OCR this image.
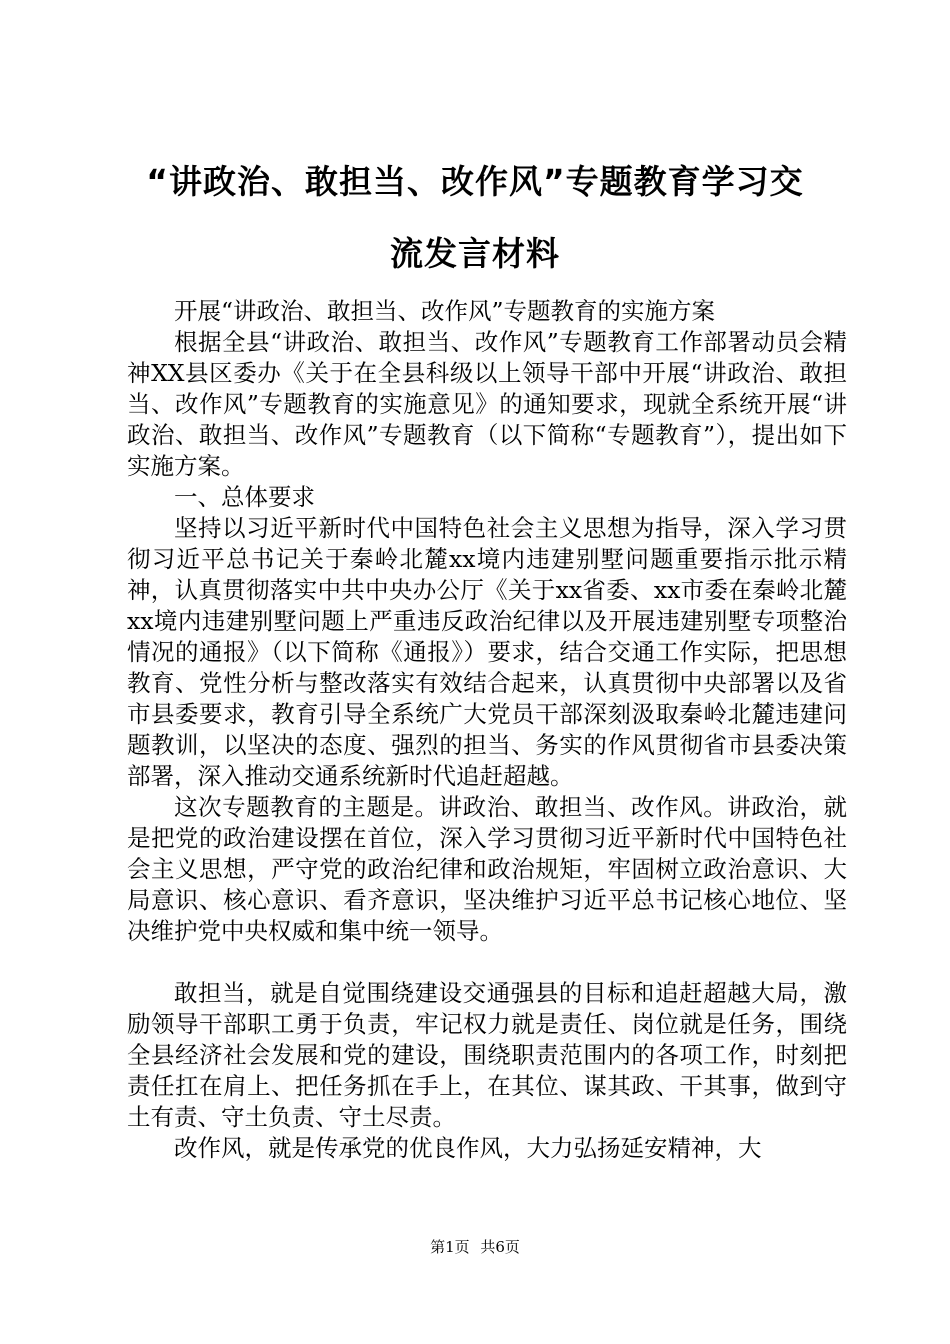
“讲政治、敢担当、改作风”专题教育学习交
流发言材料

开展“讲政治、敢担当、改作风”专题教育的实施方案

根据全县“讲政治、敢担当、改作风”专题教育工作部署动员会精神XX县区委办《关于在全县科级以上领导干部中开展“讲政治、敢担当、改作风”专题教育的实施意见》的通知要求，现就全系统开展“讲政治、敢担当、改作风”专题教育（以下简称“专题教育”），提出如下实施方案。

一、总体要求

坚持以习近平新时代中国特色社会主义思想为指导，深入学习贯彻习近平总书记关于秦岭北麓xx境内违建别墅问题重要指示批示精神，认真贯彻落实中共中央办公厅《关于xx省委、xx市委在秦岭北麓xx境内违建别墅问题上严重违反政治纪律以及开展违建别墅专项整治情况的通报》（以下简称《通报》）要求，结合交通工作实际，把思想教育、党性分析与整改落实有效结合起来，认真贯彻中央部署以及省市县委要求，教育引导全系统广大党员干部深刻汲取秦岭北麓违建问题教训，以坚决的态度、强烈的担当、务实的作风贯彻省市县委决策部署，深入推动交通系统新时代追赶超越。

这次专题教育的主题是。讲政治、敢担当、改作风。讲政治，就是把党的政治建设摆在首位，深入学习贯彻习近平新时代中国特色社会主义思想，严守党的政治纪律和政治规矩，牢固树立政治意识、大局意识、核心意识、看齐意识，坚决维护习近平总书记核心地位、坚决维护党中央权威和集中统一领导。

敢担当，就是自觉围绕建设交通强县的目标和追赶超越大局，激励领导干部职工勇于负责，牢记权力就是责任、岗位就是任务，围绕全县经济社会发展和党的建设，围绕职责范围内的各项工作，时刻把责任扛在肩上、把任务抓在手上，在其位、谋其政、干其事，做到守土有责、守土负责、守土尽责。

改作风，就是传承党的优良作风，大力弘扬延安精神，大

第1页 共6页
